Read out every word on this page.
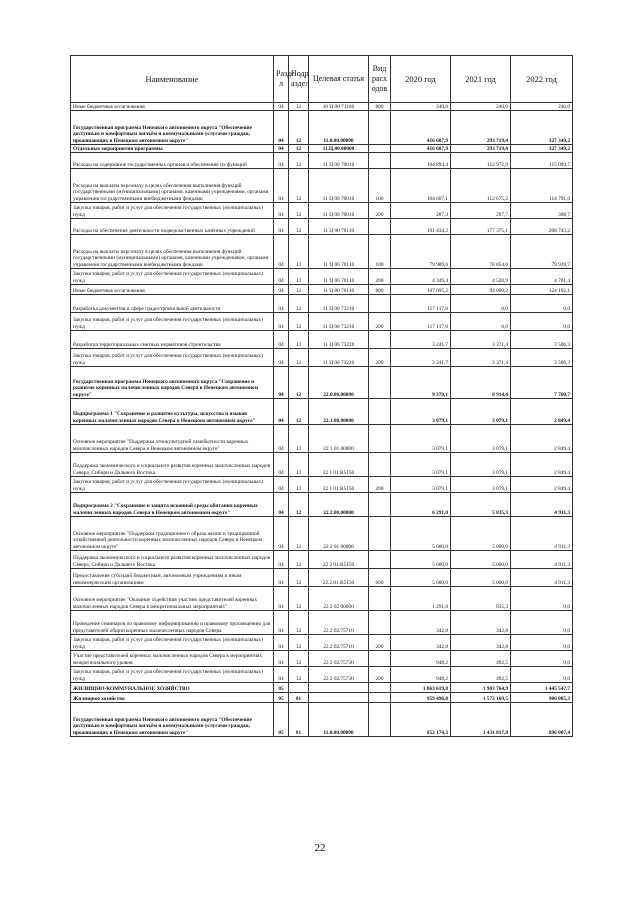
Наименование	Разде л	Подр аздел	Целевая статья	Вид расх одов	2020 год	2021 год	2022 год
Иные бюджетные ассигнования	04	12	10 Ц 00 71160	800	240,0	240,0	240,0
Государственная программа Ненецкого автономного округа "Обеспечение доступным и комфортным жильём и коммунальными услугами граждан, проживающих в Ненецком автономном округе"	04	12	11.0.00.00000		416 687,9	293 719,4	327 349,2
Отдельные мероприятия программы	04	12	11.Ц.00.00000		416 687,9	293 719,4	327 349,2
Расходы на содержание государственных органов и обеспечение их функций	04	12	11 Ц 00 70010		104 894,4	112 972,9	115 099,7
Расходы на выплаты персоналу в целях обеспечения выполнения функций государственными (муниципальными) органами, казенными учреждениями, органами управления государственными внебюджетными фондами	04	12	11 Ц 00 70010	100	104 607,1	112 675,2	114 791,0
Закупка товаров, работ и услуг для обеспечения государственных (муниципальных) нужд	04	12	11 Ц 00 70010	200	287,3	297,7	308,7
Расходы на обеспечение деятельности подведомственных казённых учреждений	04	12	11 Ц 00 70110		191 434,2	177 375,1	208 743,2
Расходы на выплаты персоналу в целях обеспечения выполнения функций государственными (муниципальными) органами, казенными учреждениями, органами управления государственными внебюджетными фондами	04	12	11 Ц 00 70110	100	79 989,6	78 854,0	79 939,7
Закупка товаров, работ и услуг для обеспечения государственных (муниципальных) нужд	04	12	11 Ц 00 70110	200	4 349,4	4 520,9	4 701,4
Иные бюджетные ассигнования	04	12	11 Ц 00 70110	800	107 095,2	94 000,2	124 102,1
Разработка документов в сфере градостроительной деятельности	04	12	11 Ц 00 73210		117 117,6	0,0	0,0
Закупка товаров, работ и услуг для обеспечения государственных (муниципальных) нужд	04	12	11 Ц 00 73210	200	117 117,6	0,0	0,0
Разработка территориальных сметных нормативов строительства	04	12	11 Ц 00 73220		3 241,7	3 371,4	3 506,3
Закупка товаров, работ и услуг для обеспечения государственных (муниципальных) нужд	04	12	11 Ц 00 73220	200	3 241,7	3 371,4	3 506,3
Государственная программа Ненецкого автономного округа "Сохранение и развитие коренных малочисленных народов Севера в Ненецком автономном округе"	04	12	22.0.00.00000		9 370,1	8 914,4	7 760,7
Подпрограмма 1 "Сохранение и развитие культуры, искусства и языков коренных малочисленных народов Севера в Ненецком автономном округе"	04	12	22.1.00.00000		3 079,1	3 079,1	2 849,4
Основное мероприятие "Поддержка этнокультурной самобытности коренных малочисленных народов Севера в Ненецком автономном округе"	04	12	22 1 01 00000		3 079,1	3 079,1	2 849,4
Поддержка экономического и социального развития коренных малочисленных народов Севера, Сибири и Дальнего Востока	04	12	22 1 01.R5150		3 079,1	3 079,1	2 849,4
Закупка товаров, работ и услуг для обеспечения государственных (муниципальных) нужд	04	12	22 1 01.R5150	200	3 079,1	3 079,1	2 849,4
Подпрограмма 2 "Сохранение и защита исконной среды обитания коренных малочисленных народов Севера в Ненецком автономном округе"	04	12	22.2.00.00000		6 291,0	5 835,3	4 911,3
Основное мероприятие "Поддержка традиционного образа жизни и традиционной хозяйственной деятельности коренных малочисленных народов Севера в Ненецком автономном округе"	04	12	22 2 01 00000		5 000,0	5 000,0	4 911,3
Поддержка экономического и социального развития коренных малочисленных народов Севера, Сибири и Дальнего Востока	04	12	22 2 01.R5150		5 000,0	5 000,0	4 911,3
Предоставление субсидий бюджетным, автономным учреждениям и иным некоммерческим организациям	04	12	22.2.01.R5150	600	5 000,0	5 000,0	4 911,3
Основное мероприятие "Оказание содействия участию представителей коренных малочисленных народов Севера в межрегиональных мероприятиях"	04	12	22 2 02 00000		1 291,0	835,3	0,0
Проведение семинаров по правовому информированию и правовому просвещению для представителей общин коренных малочисленных народов Севера	04	12	22.2.02.75710		342,8	342,8	0,0
Закупка товаров, работ и услуг для обеспечения государственных (муниципальных) нужд	04	12	22.2.02.75710	200	342,8	342,8	0,0
Участие представителей коренных малочисленных народов Севера в мероприятиях межрегионального уровня	04	12	22 2 02.75730		948,2	492,5	0,0
Закупка товаров, работ и услуг для обеспечения государственных (муниципальных) нужд	04	12	22 2 02.75730	200	948,2	492,5	0,0
ЖИЛИЩНО-КОММУНАЛЬНОЕ ХОЗЯЙСТВО	05				1 863 619,8	1 903 764,9	1 445 547,7
Жилищное хозяйство	05	01			959 496,8	1 573 169,5	980 005,3
Государственная программа Ненецкого автономного округа "Обеспечение доступным и комфортным жильём и коммунальными услугами граждан, проживающих в Ненецком автономном округе"	05	01	11.0.00.00000		852 174,3	1 431 817,8	896 007,4
22
